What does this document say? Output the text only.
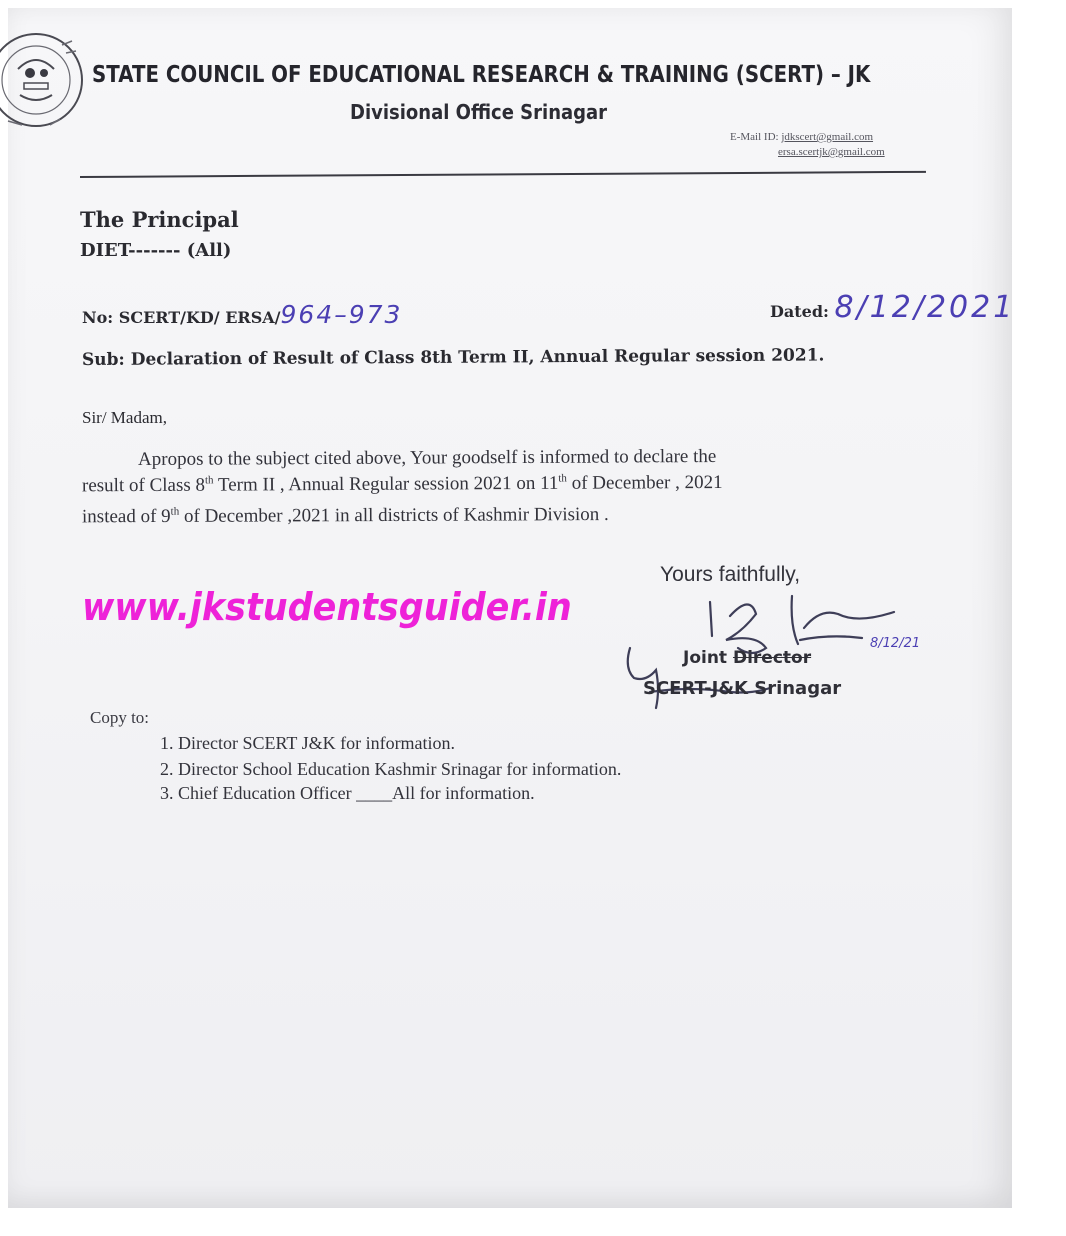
STATE COUNCIL OF EDUCATIONAL RESEARCH & TRAINING (SCERT) – JK
Divisional Office Srinagar
E-Mail ID: jdkscert@gmail.com
ersa.scertjk@gmail.com
The Principal
DIET------- (All)
No: SCERT/KD/ ERSA/964–973	Dated: 8/12/2021
Sub: Declaration of Result of Class 8th Term II, Annual Regular session 2021.
Sir/ Madam,
Apropos to the subject cited above, Your goodself is informed to declare the
result of Class 8th Term II , Annual Regular session 2021 on 11th of December , 2021
instead of 9th of December ,2021 in all districts of Kashmir Division .
Yours faithfully,
www.jkstudentsguider.in
Joint Director
8/12/21
SCERT-J&K Srinagar
Copy to:
1. Director SCERT J&K for information.
2. Director School Education Kashmir Srinagar for information.
3. Chief Education Officer ____All for information.
